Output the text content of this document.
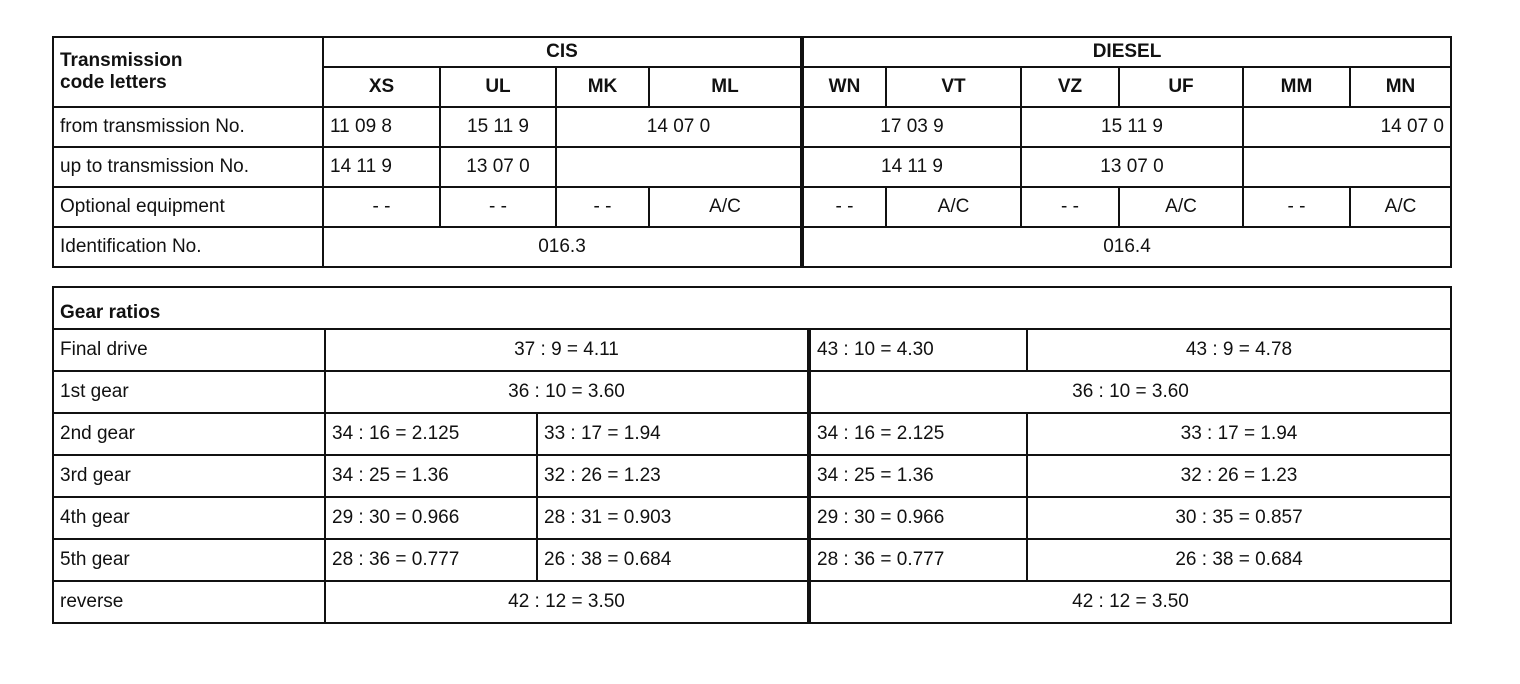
Transmission
code letters	CIS				DIESEL					
	XS	UL	MK	ML	WN	VT	VZ	UF	MM	MN
from transmission No.	11 09 8	15 11 9	14 07 0		17 03 9		15 11 9		14 07 0	
up to transmission No.	14 11 9	13 07 0			14 11 9		13 07 0			
Optional equipment	- -	- -	- -	A/C	- -	A/C	- -	A/C	- -	A/C
Identification No.	016.3				016.4					
Gear ratios				
Final drive	37 : 9 = 4.11		43 : 10 = 4.30	43 : 9 = 4.78
1st gear	36 : 10 = 3.60		36 : 10 = 3.60	
2nd gear	34 : 16 = 2.125	33 : 17 = 1.94	34 : 16 = 2.125	33 : 17 = 1.94
3rd gear	34 : 25 = 1.36	32 : 26 = 1.23	34 : 25 = 1.36	32 : 26 = 1.23
4th gear	29 : 30 = 0.966	28 : 31 = 0.903	29 : 30 = 0.966	30 : 35 = 0.857
5th gear	28 : 36 = 0.777	26 : 38 = 0.684	28 : 36 = 0.777	26 : 38 = 0.684
reverse	42 : 12 = 3.50		42 : 12 = 3.50	
